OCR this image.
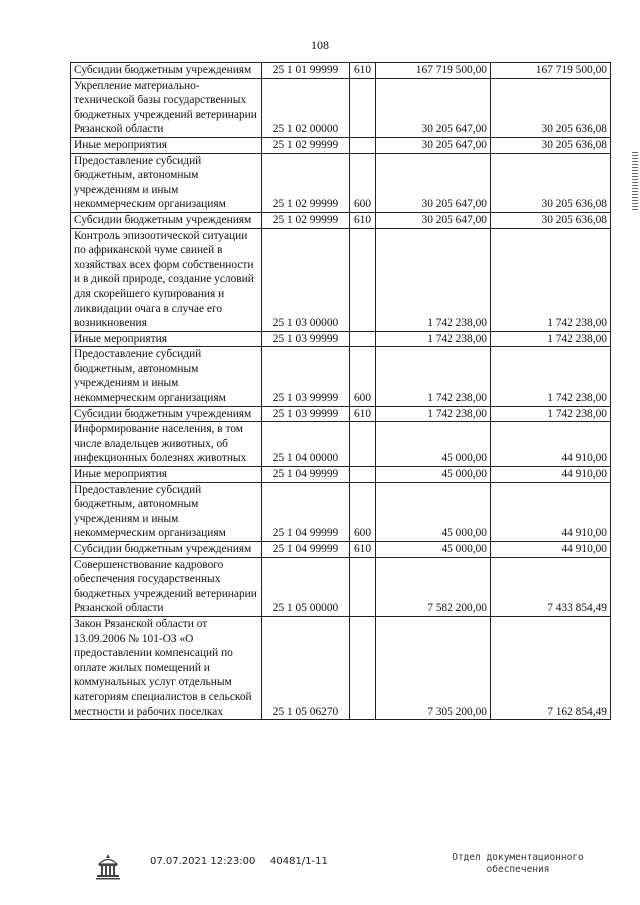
108
Субсидии бюджетным учреждениям	25 1 01 99999	610	167 719 500,00	167 719 500,00
Укрепление материально-технической базы государственных бюджетных учреждений ветеринарии Рязанской области	25 1 02 00000		30 205 647,00	30 205 636,08
Иные мероприятия	25 1 02 99999		30 205 647,00	30 205 636,08
Предоставление субсидий бюджетным, автономным учреждениям и иным некоммерческим организациям	25 1 02 99999	600	30 205 647,00	30 205 636,08
Субсидии бюджетным учреждениям	25 1 02 99999	610	30 205 647,00	30 205 636,08
Контроль эпизоотической ситуации по африканской чуме свиней в хозяйствах всех форм собственности и в дикой природе, создание условий для скорейшего купирования и ликвидации очага в случае его возникновения	25 1 03 00000		1 742 238,00	1 742 238,00
Иные мероприятия	25 1 03 99999		1 742 238,00	1 742 238,00
Предоставление субсидий бюджетным, автономным учреждениям и иным некоммерческим организациям	25 1 03 99999	600	1 742 238,00	1 742 238,00
Субсидии бюджетным учреждениям	25 1 03 99999	610	1 742 238,00	1 742 238,00
Информирование населения, в том числе владельцев животных, об инфекционных болезнях животных	25 1 04 00000		45 000,00	44 910,00
Иные мероприятия	25 1 04 99999		45 000,00	44 910,00
Предоставление субсидий бюджетным, автономным учреждениям и иным некоммерческим организациям	25 1 04 99999	600	45 000,00	44 910,00
Субсидии бюджетным учреждениям	25 1 04 99999	610	45 000,00	44 910,00
Совершенствование кадрового обеспечения государственных бюджетных учреждений ветеринарии Рязанской области	25 1 05 00000		7 582 200,00	7 433 854,49
Закон Рязанской области от 13.09.2006 № 101-ОЗ «О предоставлении компенсаций по оплате жилых помещений и коммунальных услуг отдельным категориям специалистов в сельской местности и рабочих поселках	25 1 05 06270		7 305 200,00	7 162 854,49
07.07.2021 12:23:00 40481/1-11	Отдел документационного обеспечения
